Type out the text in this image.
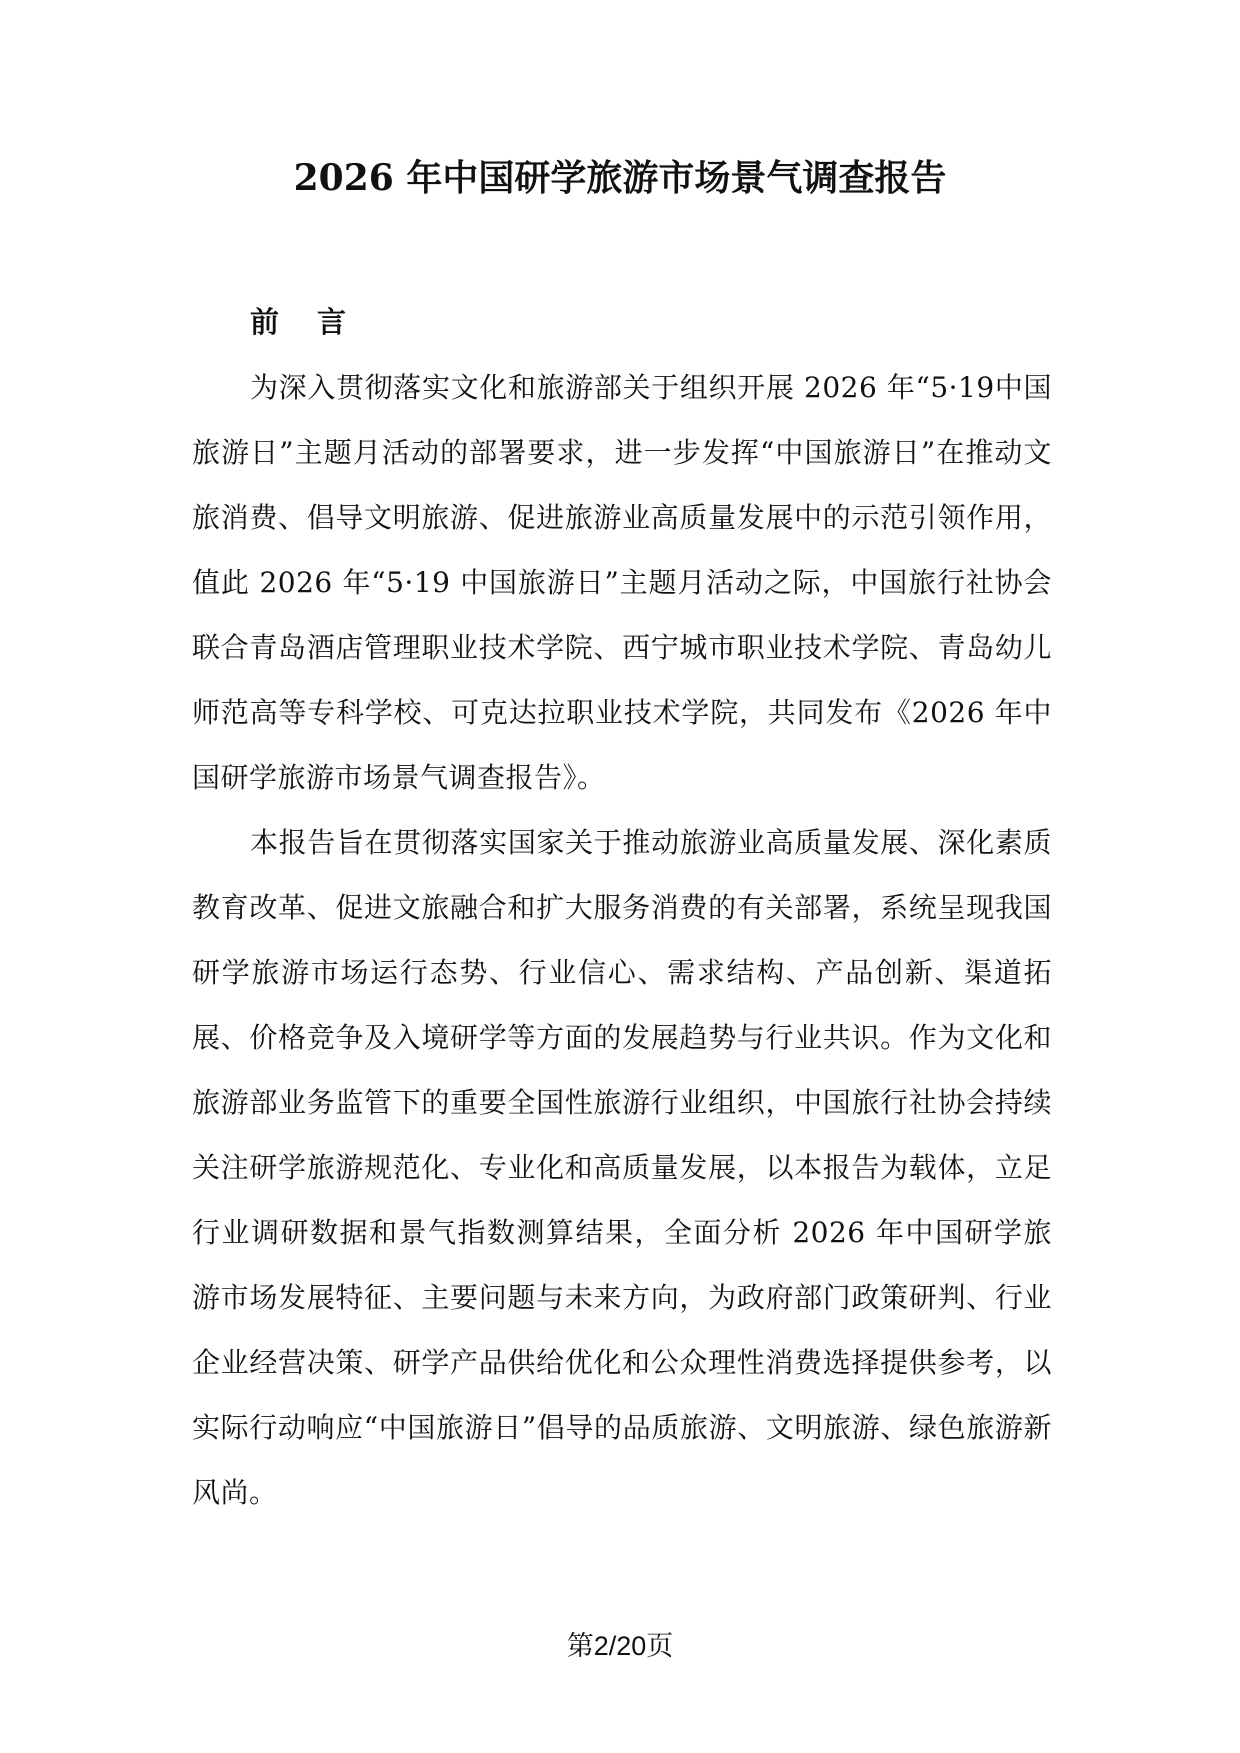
2026 年中国研学旅游市场景气调查报告

前 言

为深入贯彻落实文化和旅游部关于组织开展 2026 年“5·19中国旅游日”主题月活动的部署要求，进一步发挥“中国旅游日”在推动文旅消费、倡导文明旅游、促进旅游业高质量发展中的示范引领作用，值此 2026 年“5·19 中国旅游日”主题月活动之际，中国旅行社协会联合青岛酒店管理职业技术学院、西宁城市职业技术学院、青岛幼儿师范高等专科学校、可克达拉职业技术学院，共同发布《2026 年中国研学旅游市场景气调查报告》。

本报告旨在贯彻落实国家关于推动旅游业高质量发展、深化素质教育改革、促进文旅融合和扩大服务消费的有关部署，系统呈现我国研学旅游市场运行态势、行业信心、需求结构、产品创新、渠道拓展、价格竞争及入境研学等方面的发展趋势与行业共识。作为文化和旅游部业务监管下的重要全国性旅游行业组织，中国旅行社协会持续关注研学旅游规范化、专业化和高质量发展，以本报告为载体，立足行业调研数据和景气指数测算结果，全面分析 2026 年中国研学旅游市场发展特征、主要问题与未来方向，为政府部门政策研判、行业企业经营决策、研学产品供给优化和公众理性消费选择提供参考，以实际行动响应“中国旅游日”倡导的品质旅游、文明旅游、绿色旅游新风尚。

第2/20页
